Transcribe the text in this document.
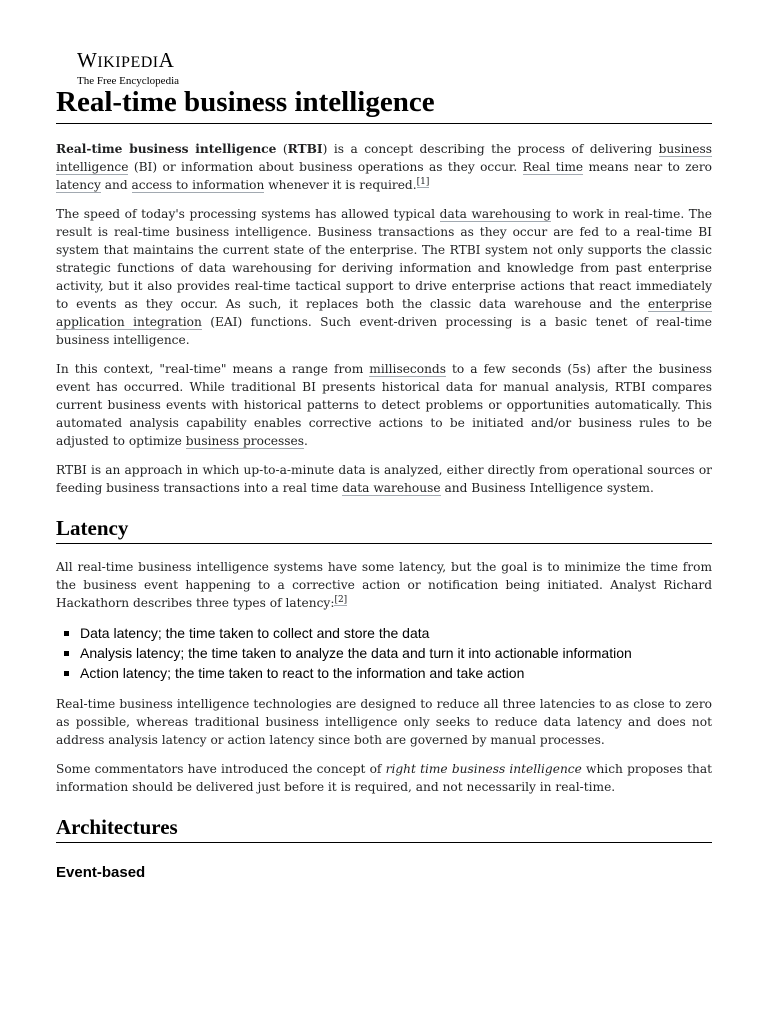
WIKIPEDIA
The Free Encyclopedia
Real-time business intelligence

Real-time business intelligence (RTBI) is a concept describing the process of delivering business intelligence (BI) or information about business operations as they occur. Real time means near to zero latency and access to information whenever it is required.[1]

The speed of today's processing systems has allowed typical data warehousing to work in real-time. The result is real-time business intelligence. Business transactions as they occur are fed to a real-time BI system that maintains the current state of the enterprise. The RTBI system not only supports the classic strategic functions of data warehousing for deriving information and knowledge from past enterprise activity, but it also provides real-time tactical support to drive enterprise actions that react immediately to events as they occur. As such, it replaces both the classic data warehouse and the enterprise application integration (EAI) functions. Such event-driven processing is a basic tenet of real-time business intelligence.

In this context, "real-time" means a range from milliseconds to a few seconds (5s) after the business event has occurred. While traditional BI presents historical data for manual analysis, RTBI compares current business events with historical patterns to detect problems or opportunities automatically. This automated analysis capability enables corrective actions to be initiated and/or business rules to be adjusted to optimize business processes.

RTBI is an approach in which up-to-a-minute data is analyzed, either directly from operational sources or feeding business transactions into a real time data warehouse and Business Intelligence system.

Latency

All real-time business intelligence systems have some latency, but the goal is to minimize the time from the business event happening to a corrective action or notification being initiated. Analyst Richard Hackathorn describes three types of latency:[2]

Data latency; the time taken to collect and store the data
Analysis latency; the time taken to analyze the data and turn it into actionable information
Action latency; the time taken to react to the information and take action

Real-time business intelligence technologies are designed to reduce all three latencies to as close to zero as possible, whereas traditional business intelligence only seeks to reduce data latency and does not address analysis latency or action latency since both are governed by manual processes.

Some commentators have introduced the concept of right time business intelligence which proposes that information should be delivered just before it is required, and not necessarily in real-time.

Architectures
Event-based
